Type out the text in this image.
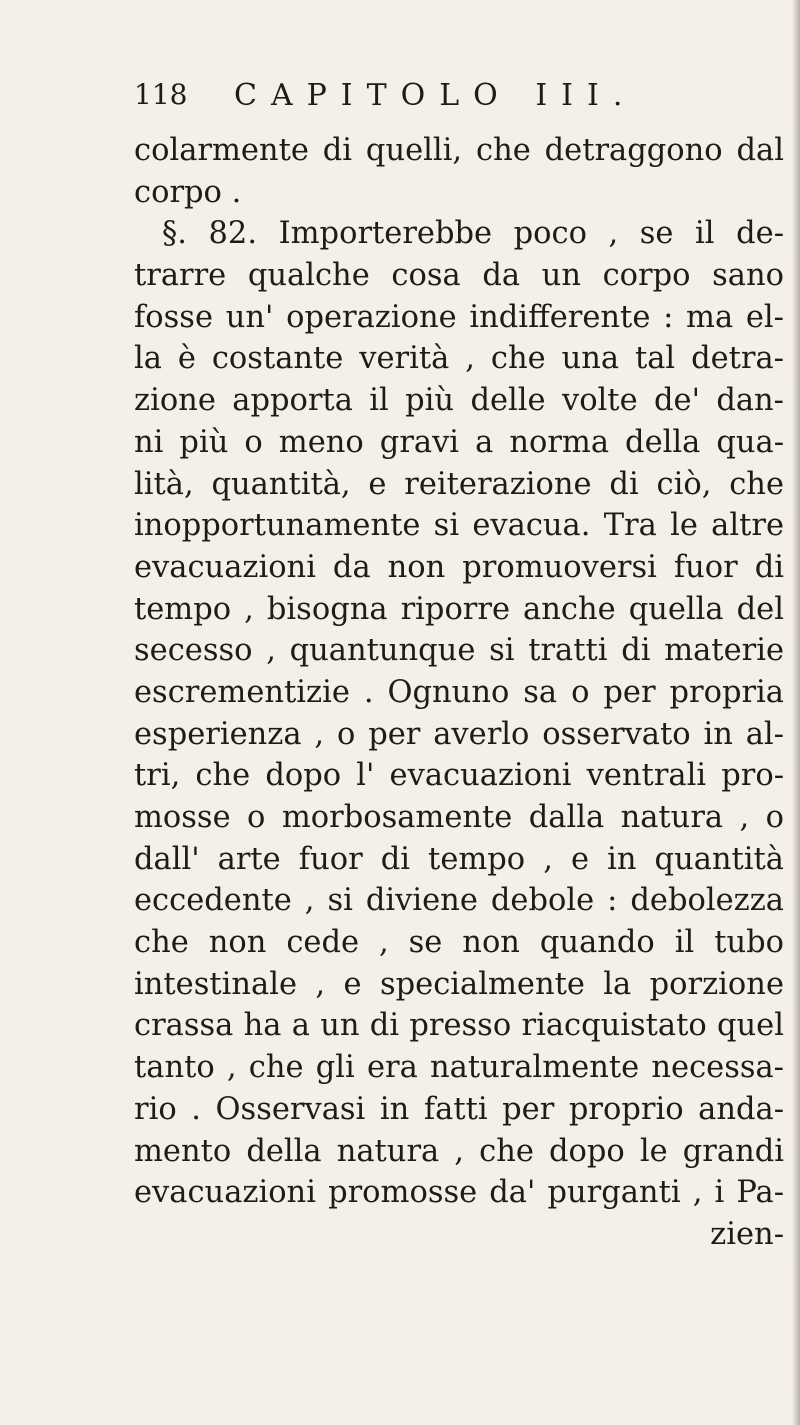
118 CAPITOLO III.
colarmente di quelli, che detraggono dal
corpo .
§. 82. Importerebbe poco , se il de-
trarre qualche cosa da un corpo sano
fosse un' operazione indifferente : ma el-
la è costante verità , che una tal detra-
zione apporta il più delle volte de' dan-
ni più o meno gravi a norma della qua-
lità, quantità, e reiterazione di ciò, che
inopportunamente si evacua. Tra le altre
evacuazioni da non promuoversi fuor di
tempo , bisogna riporre anche quella del
secesso , quantunque si tratti di materie
escrementizie . Ognuno sa o per propria
esperienza , o per averlo osservato in al-
tri, che dopo l' evacuazioni ventrali pro-
mosse o morbosamente dalla natura , o
dall' arte fuor di tempo , e in quantità
eccedente , si diviene debole : debolezza
che non cede , se non quando il tubo
intestinale , e specialmente la porzione
crassa ha a un di presso riacquistato quel
tanto , che gli era naturalmente necessa-
rio . Osservasi in fatti per proprio anda-
mento della natura , che dopo le grandi
evacuazioni promosse da' purganti , i Pa-
zien-
